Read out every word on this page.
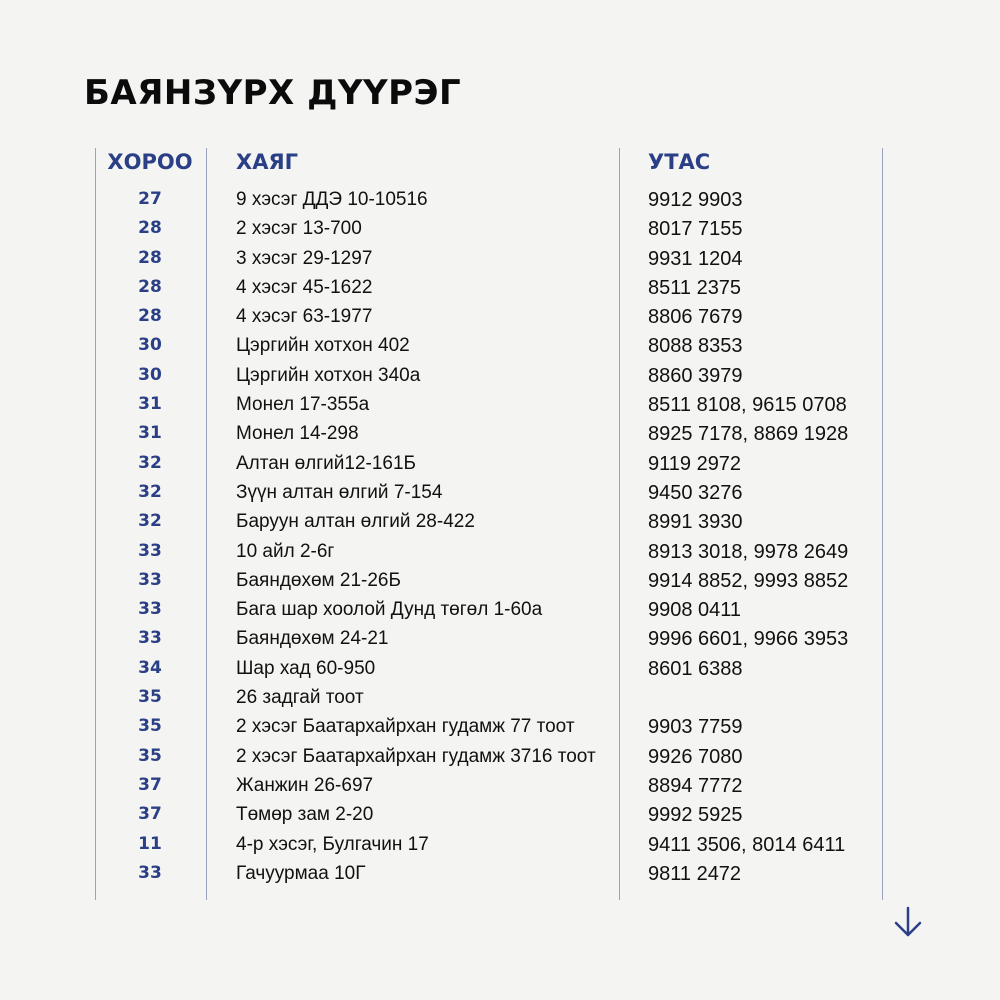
БАЯНЗҮРХ ДҮҮРЭГ
ХОРОО	ХАЯГ	УТАС
27	9 хэсэг ДДЭ 10-10516	9912 9903
28	2 хэсэг 13-700	8017 7155
28	3 хэсэг 29-1297	9931 1204
28	4 хэсэг 45-1622	8511 2375
28	4 хэсэг 63-1977	8806 7679
30	Цэргийн хотхон 402	8088 8353
30	Цэргийн хотхон 340а	8860 3979
31	Монел 17-355а	8511 8108, 9615 0708
31	Монел 14-298	8925 7178, 8869 1928
32	Алтан өлгий12-161Б	9119 2972
32	Зүүн алтан өлгий 7-154	9450 3276
32	Баруун алтан өлгий 28-422	8991 3930
33	10 айл 2-6г	8913 3018, 9978 2649
33	Баяндөхөм 21-26Б	9914 8852, 9993 8852
33	Бага шар хоолой Дунд төгөл 1-60а	9908 0411
33	Баяндөхөм 24-21	9996 6601, 9966 3953
34	Шар хад 60-950	8601 6388
35	26 задгай тоот
35	2 хэсэг Баатархайрхан гудамж 77 тоот	9903 7759
35	2 хэсэг Баатархайрхан гудамж 3716 тоот	9926 7080
37	Жанжин 26-697	8894 7772
37	Төмөр зам 2-20	9992 5925
11	4-р хэсэг, Булгачин 17	9411 3506, 8014 6411
33	Гачуурмаа 10Г	9811 2472
